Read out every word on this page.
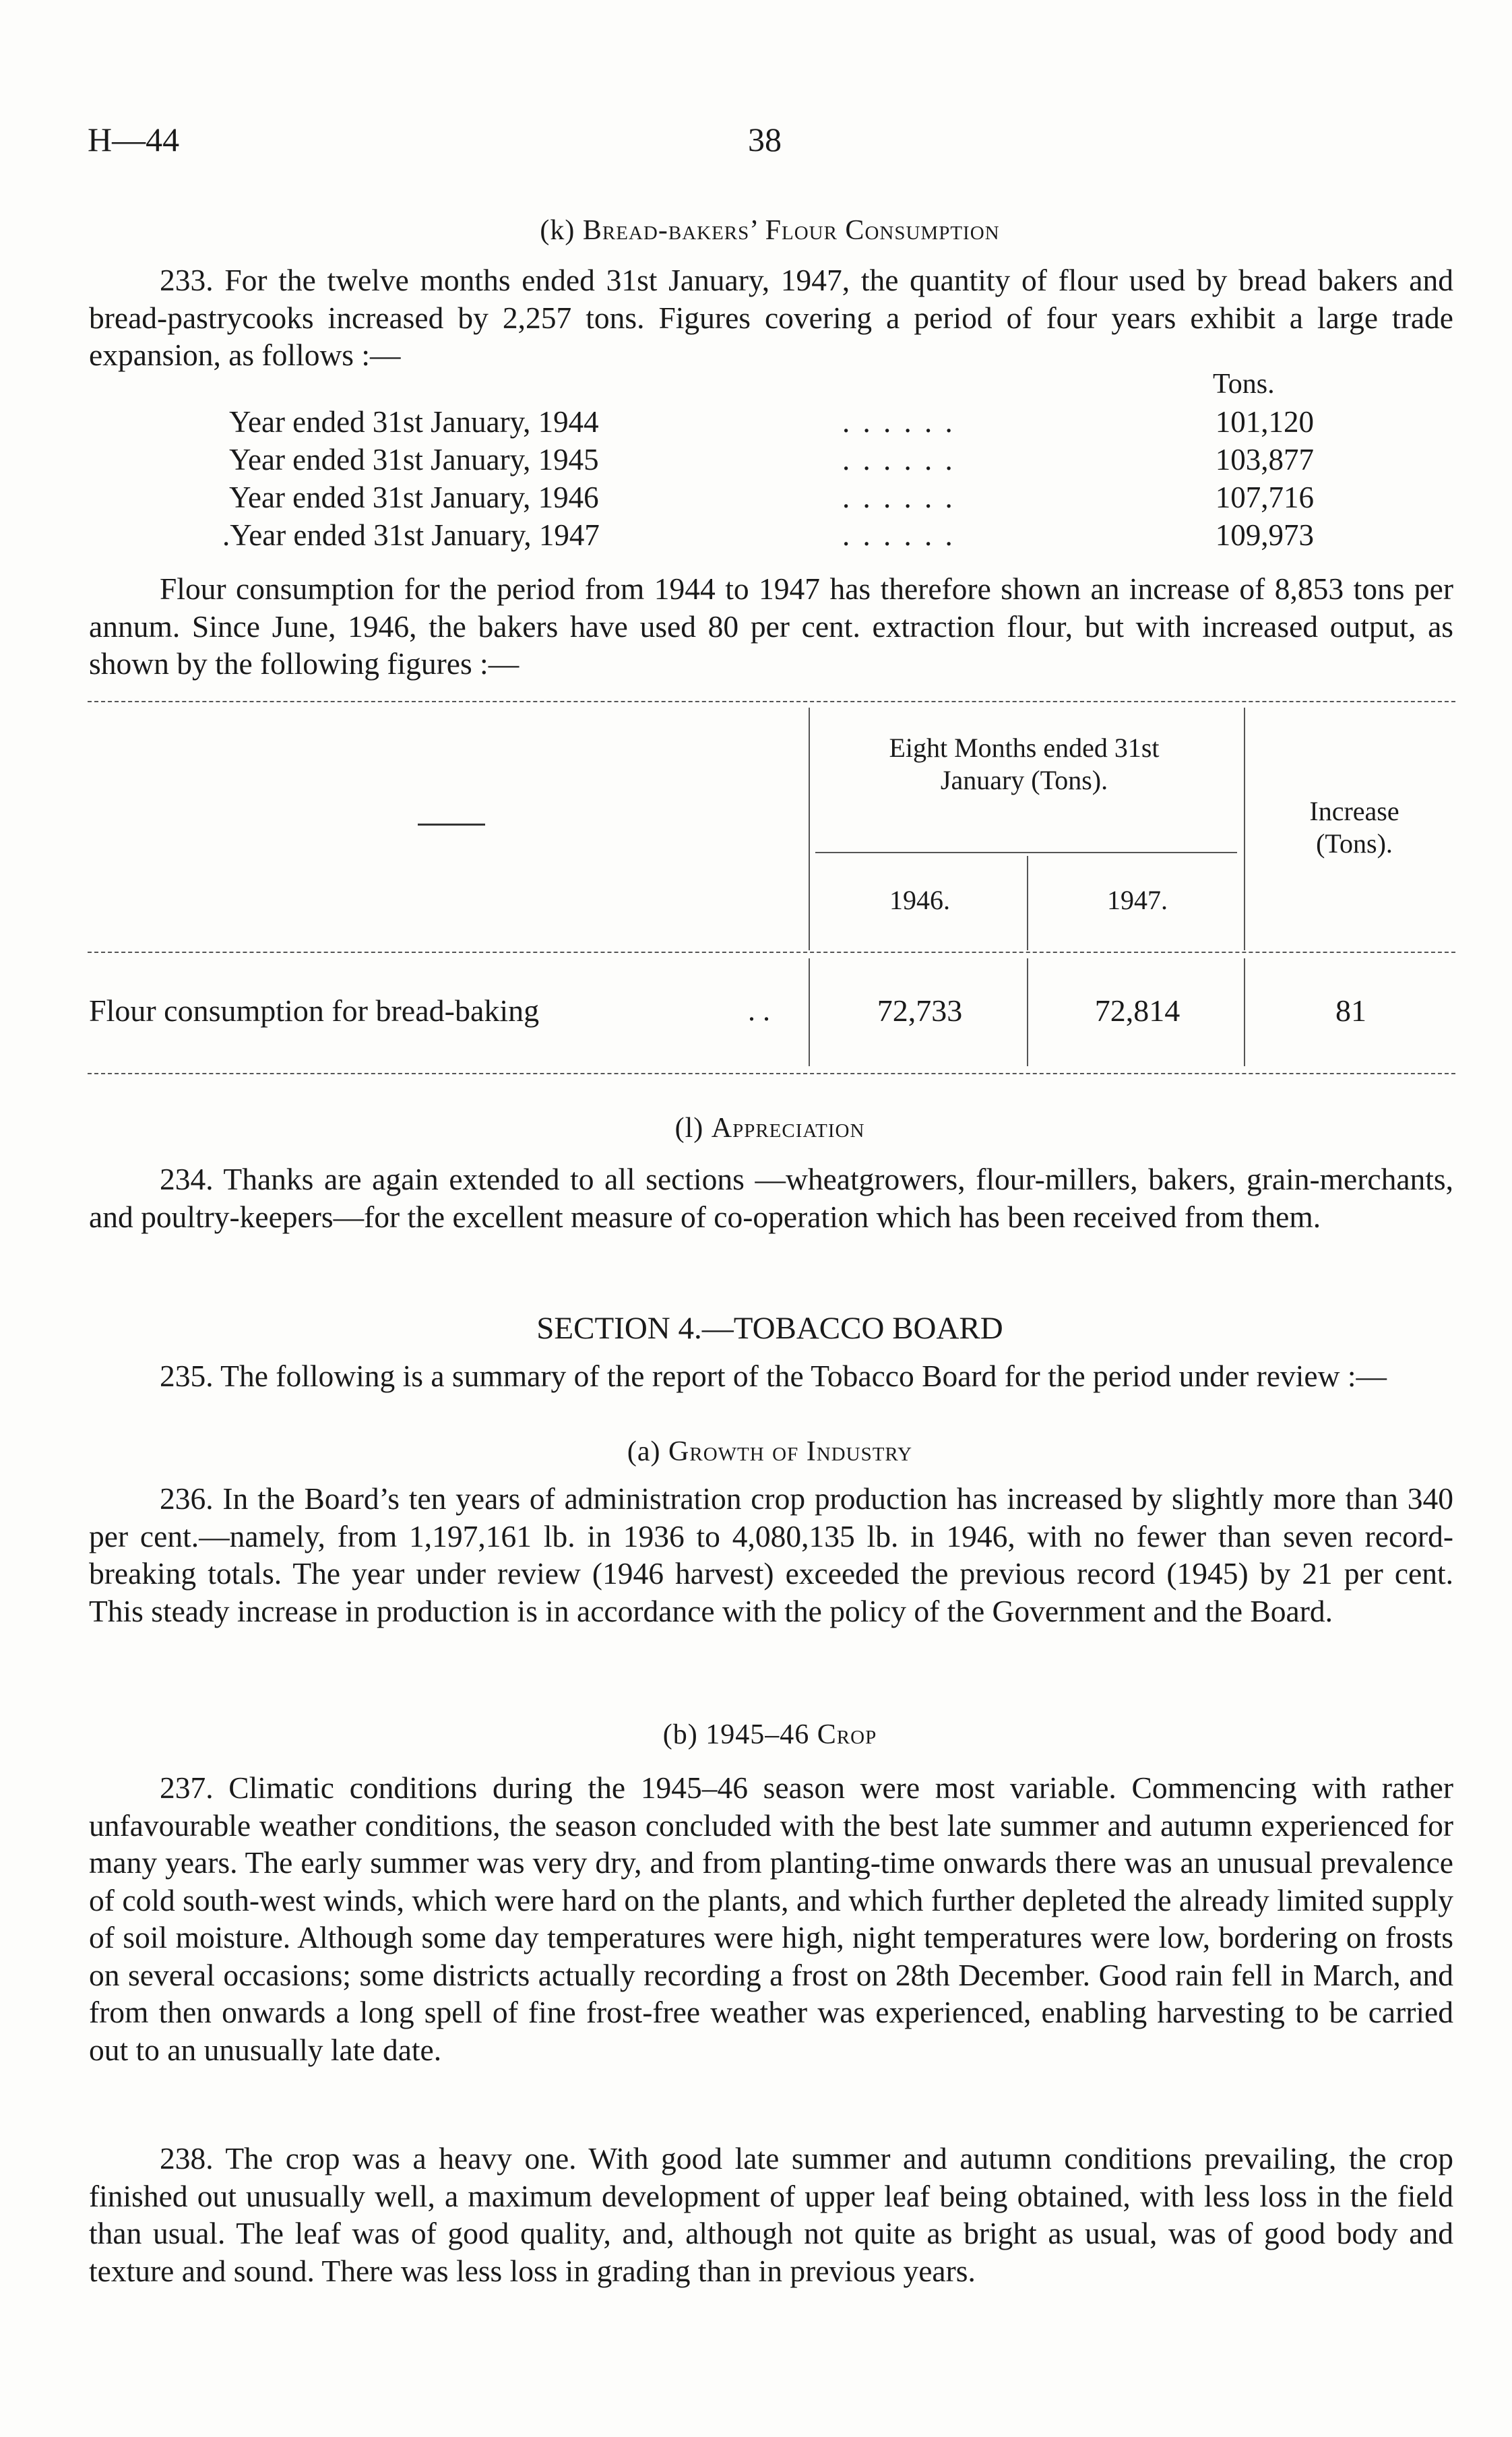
H—44	38
(k) Bread-bakers’ Flour Consumption

233. For the twelve months ended 31st January, 1947, the quantity of flour used by bread bakers and bread-pastrycooks increased by 2,257 tons. Figures covering a period of four years exhibit a large trade expansion, as follows :—

Tons.
Year ended 31st January, 1944	. . . . . .	101,120
Year ended 31st January, 1945	. . . . . .	103,877
Year ended 31st January, 1946	. . . . . .	107,716
.Year ended 31st January, 1947	. . . . . .	109,973

Flour consumption for the period from 1944 to 1947 has therefore shown an increase of 8,853 tons per annum. Since June, 1946, the bakers have used 80 per cent. extraction flour, but with increased output, as shown by the following figures :—

Eight Months ended 31st January (Tons).
1946.	1947.
Increase (Tons).
Flour consumption for bread-baking	. .	72,733	72,814	81
(l) Appreciation

234. Thanks are again extended to all sections —wheatgrowers, flour-millers, bakers, grain-merchants, and poultry-keepers—for the excellent measure of co-operation which has been received from them.

SECTION 4.—TOBACCO BOARD

235. The following is a summary of the report of the Tobacco Board for the period under review :—

(a) Growth of Industry

236. In the Board’s ten years of administration crop production has increased by slightly more than 340 per cent.—namely, from 1,197,161 lb. in 1936 to 4,080,135 lb. in 1946, with no fewer than seven record-breaking totals. The year under review (1946 harvest) exceeded the previous record (1945) by 21 per cent. This steady increase in production is in accordance with the policy of the Government and the Board.

(b) 1945–46 Crop

237. Climatic conditions during the 1945–46 season were most variable. Commencing with rather unfavourable weather conditions, the season concluded with the best late summer and autumn experienced for many years. The early summer was very dry, and from planting-time onwards there was an unusual prevalence of cold south-west winds, which were hard on the plants, and which further depleted the already limited supply of soil moisture. Although some day temperatures were high, night temperatures were low, bordering on frosts on several occasions; some districts actually recording a frost on 28th December. Good rain fell in March, and from then onwards a long spell of fine frost-free weather was experienced, enabling harvesting to be carried out to an unusually late date.

238. The crop was a heavy one. With good late summer and autumn conditions prevailing, the crop finished out unusually well, a maximum development of upper leaf being obtained, with less loss in the field than usual. The leaf was of good quality, and, although not quite as bright as usual, was of good body and texture and sound. There was less loss in grading than in previous years.
